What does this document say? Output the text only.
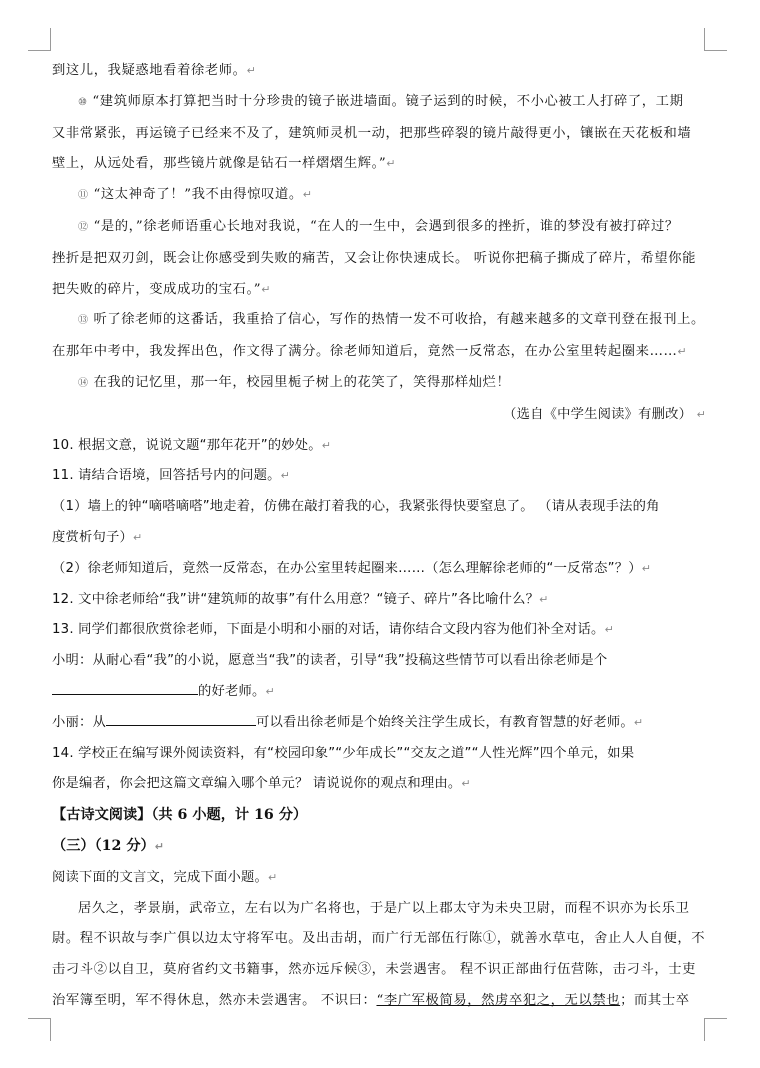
到这儿，我疑惑地看着徐老师。↵
⑩ “建筑师原本打算把当时十分珍贵的镜子嵌进墙面。镜子运到的时候，不小心被工人打碎了，工期
又非常紧张，再运镜子已经来不及了，建筑师灵机一动，把那些碎裂的镜片敲得更小，镶嵌在天花板和墙
壁上，从远处看，那些镜片就像是钻石一样熠熠生辉。”↵
⑪ “这太神奇了！”我不由得惊叹道。↵
⑫ “是的，”徐老师语重心长地对我说，“在人的一生中，会遇到很多的挫折，谁的梦没有被打碎过？
挫折是把双刃剑，既会让你感受到失败的痛苦，又会让你快速成长。 听说你把稿子撕成了碎片，希望你能
把失败的碎片，变成成功的宝石。”↵
⑬ 听了徐老师的这番话，我重拾了信心，写作的热情一发不可收拾，有越来越多的文章刊登在报刊上。
在那年中考中，我发挥出色，作文得了满分。徐老师知道后，竟然一反常态，在办公室里转起圈来……↵
⑭ 在我的记忆里，那一年，校园里栀子树上的花笑了，笑得那样灿烂！
（选自《中学生阅读》有删改） ↵
10. 根据文意，说说文题“那年花开”的妙处。↵
11. 请结合语境，回答括号内的问题。↵
（1）墙上的钟“嘀嗒嘀嗒”地走着，仿佛在敲打着我的心，我紧张得快要窒息了。 （请从表现手法的角
度赏析句子）↵
（2）徐老师知道后，竟然一反常态，在办公室里转起圈来……（怎么理解徐老师的“一反常态”？）↵
12. 文中徐老师给“我”讲“建筑师的故事”有什么用意？“镜子、碎片”各比喻什么？↵
13. 同学们都很欣赏徐老师，下面是小明和小丽的对话，请你结合文段内容为他们补全对话。↵
小明：从耐心看“我”的小说，愿意当“我”的读者，引导“我”投稿这些情节可以看出徐老师是个
的好老师。↵
小丽：从	可以看出徐老师是个始终关注学生成长，有教育智慧的好老师。↵
14. 学校正在编写课外阅读资料，有“校园印象”“少年成长”“交友之道”“人性光辉”四个单元，如果
你是编者，你会把这篇文章编入哪个单元？ 请说说你的观点和理由。↵
【古诗文阅读】（共 6 小题，计 16 分）
（三）（12 分）↵
阅读下面的文言文，完成下面小题。↵
居久之，孝景崩，武帝立，左右以为广名将也，于是广以上郡太守为未央卫尉，而程不识亦为长乐卫
尉。程不识故与李广俱以边太守将军屯。及出击胡，而广行无部伍行陈①，就善水草屯，舍止人人自便，不
击刁斗②以自卫，莫府省约文书籍事，然亦远斥候③，未尝遇害。 程不识正部曲行伍营陈，击刁斗，士吏
治军簿至明，军不得休息，然亦未尝遇害。 不识曰：“李广军极简易，然虏卒犯之，无以禁也；而其士卒
